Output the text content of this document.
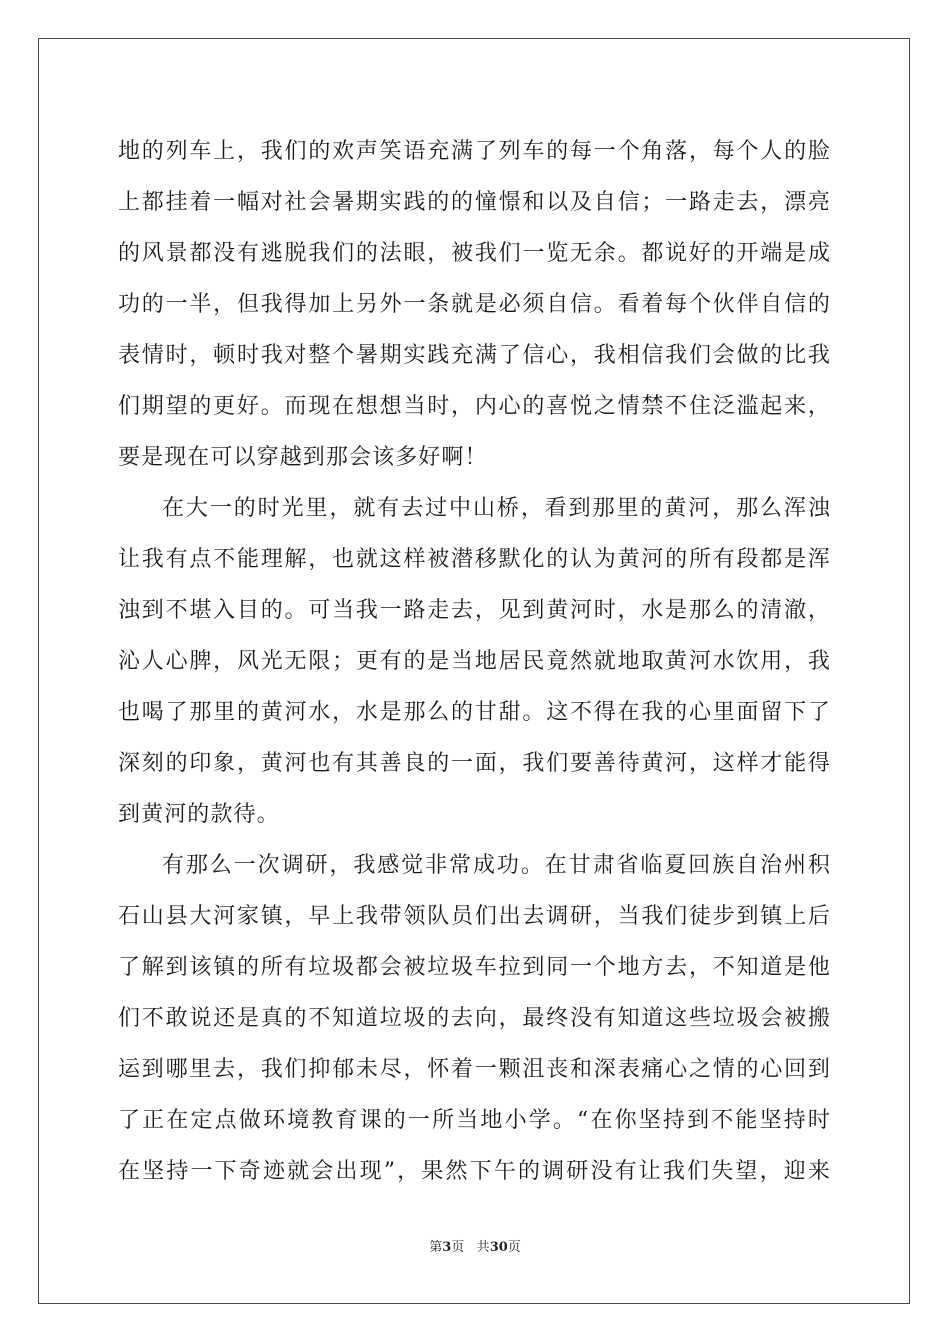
地的列车上，我们的欢声笑语充满了列车的每一个角落，每个人的脸
上都挂着一幅对社会暑期实践的的憧憬和以及自信；一路走去，漂亮
的风景都没有逃脱我们的法眼，被我们一览无余。都说好的开端是成
功的一半，但我得加上另外一条就是必须自信。看着每个伙伴自信的
表情时，顿时我对整个暑期实践充满了信心，我相信我们会做的比我
们期望的更好。而现在想想当时，内心的喜悦之情禁不住泛滥起来，
要是现在可以穿越到那会该多好啊！
在大一的时光里，就有去过中山桥，看到那里的黄河，那么浑浊
让我有点不能理解，也就这样被潜移默化的认为黄河的所有段都是浑
浊到不堪入目的。可当我一路走去，见到黄河时，水是那么的清澈，
沁人心脾，风光无限；更有的是当地居民竟然就地取黄河水饮用，我
也喝了那里的黄河水，水是那么的甘甜。这不得在我的心里面留下了
深刻的印象，黄河也有其善良的一面，我们要善待黄河，这样才能得
到黄河的款待。
有那么一次调研，我感觉非常成功。在甘肃省临夏回族自治州积
石山县大河家镇，早上我带领队员们出去调研，当我们徒步到镇上后
了解到该镇的所有垃圾都会被垃圾车拉到同一个地方去，不知道是他
们不敢说还是真的不知道垃圾的去向，最终没有知道这些垃圾会被搬
运到哪里去，我们抑郁未尽，怀着一颗沮丧和深表痛心之情的心回到
了正在定点做环境教育课的一所当地小学。“在你坚持到不能坚持时
在坚持一下奇迹就会出现”，果然下午的调研没有让我们失望，迎来
第3页 共30页
